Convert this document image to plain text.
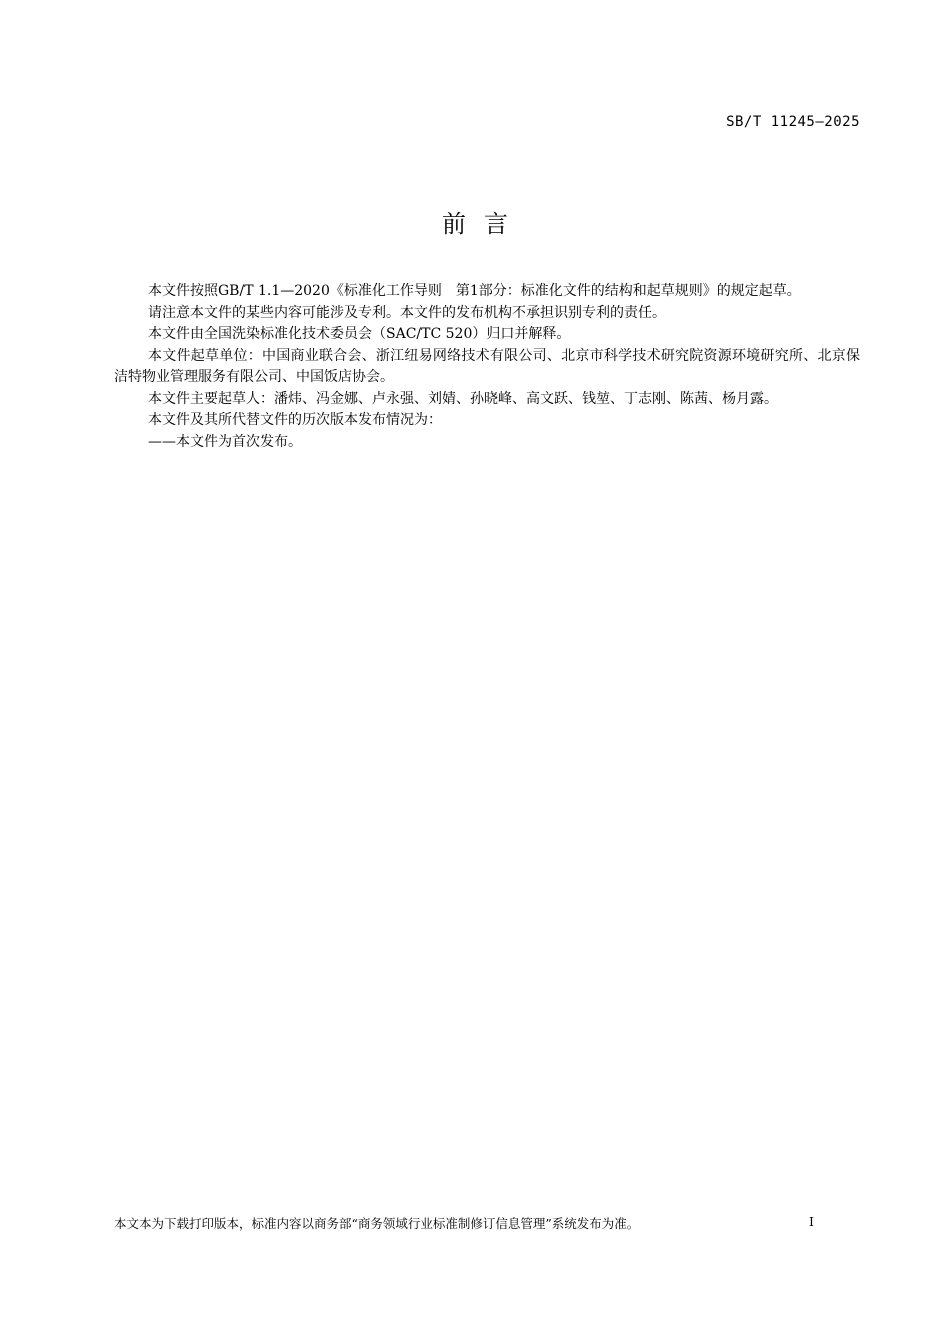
SB/T 11245—2025
前言

本文件按照GB/T 1.1—2020《标准化工作导则　第1部分：标准化文件的结构和起草规则》的规定起草。

请注意本文件的某些内容可能涉及专利。本文件的发布机构不承担识别专利的责任。

本文件由全国洗染标准化技术委员会（SAC/TC 520）归口并解释。

本文件起草单位：中国商业联合会、浙江纽易网络技术有限公司、北京市科学技术研究院资源环境研究所、北京保洁特物业管理服务有限公司、中国饭店协会。

本文件主要起草人：潘炜、冯金娜、卢永强、刘婧、孙晓峰、高文跃、钱堃、丁志刚、陈茜、杨月露。

本文件及其所代替文件的历次版本发布情况为：

——本文件为首次发布。

本文本为下载打印版本，标准内容以商务部“商务领域行业标准制修订信息管理”系统发布为准。	I
